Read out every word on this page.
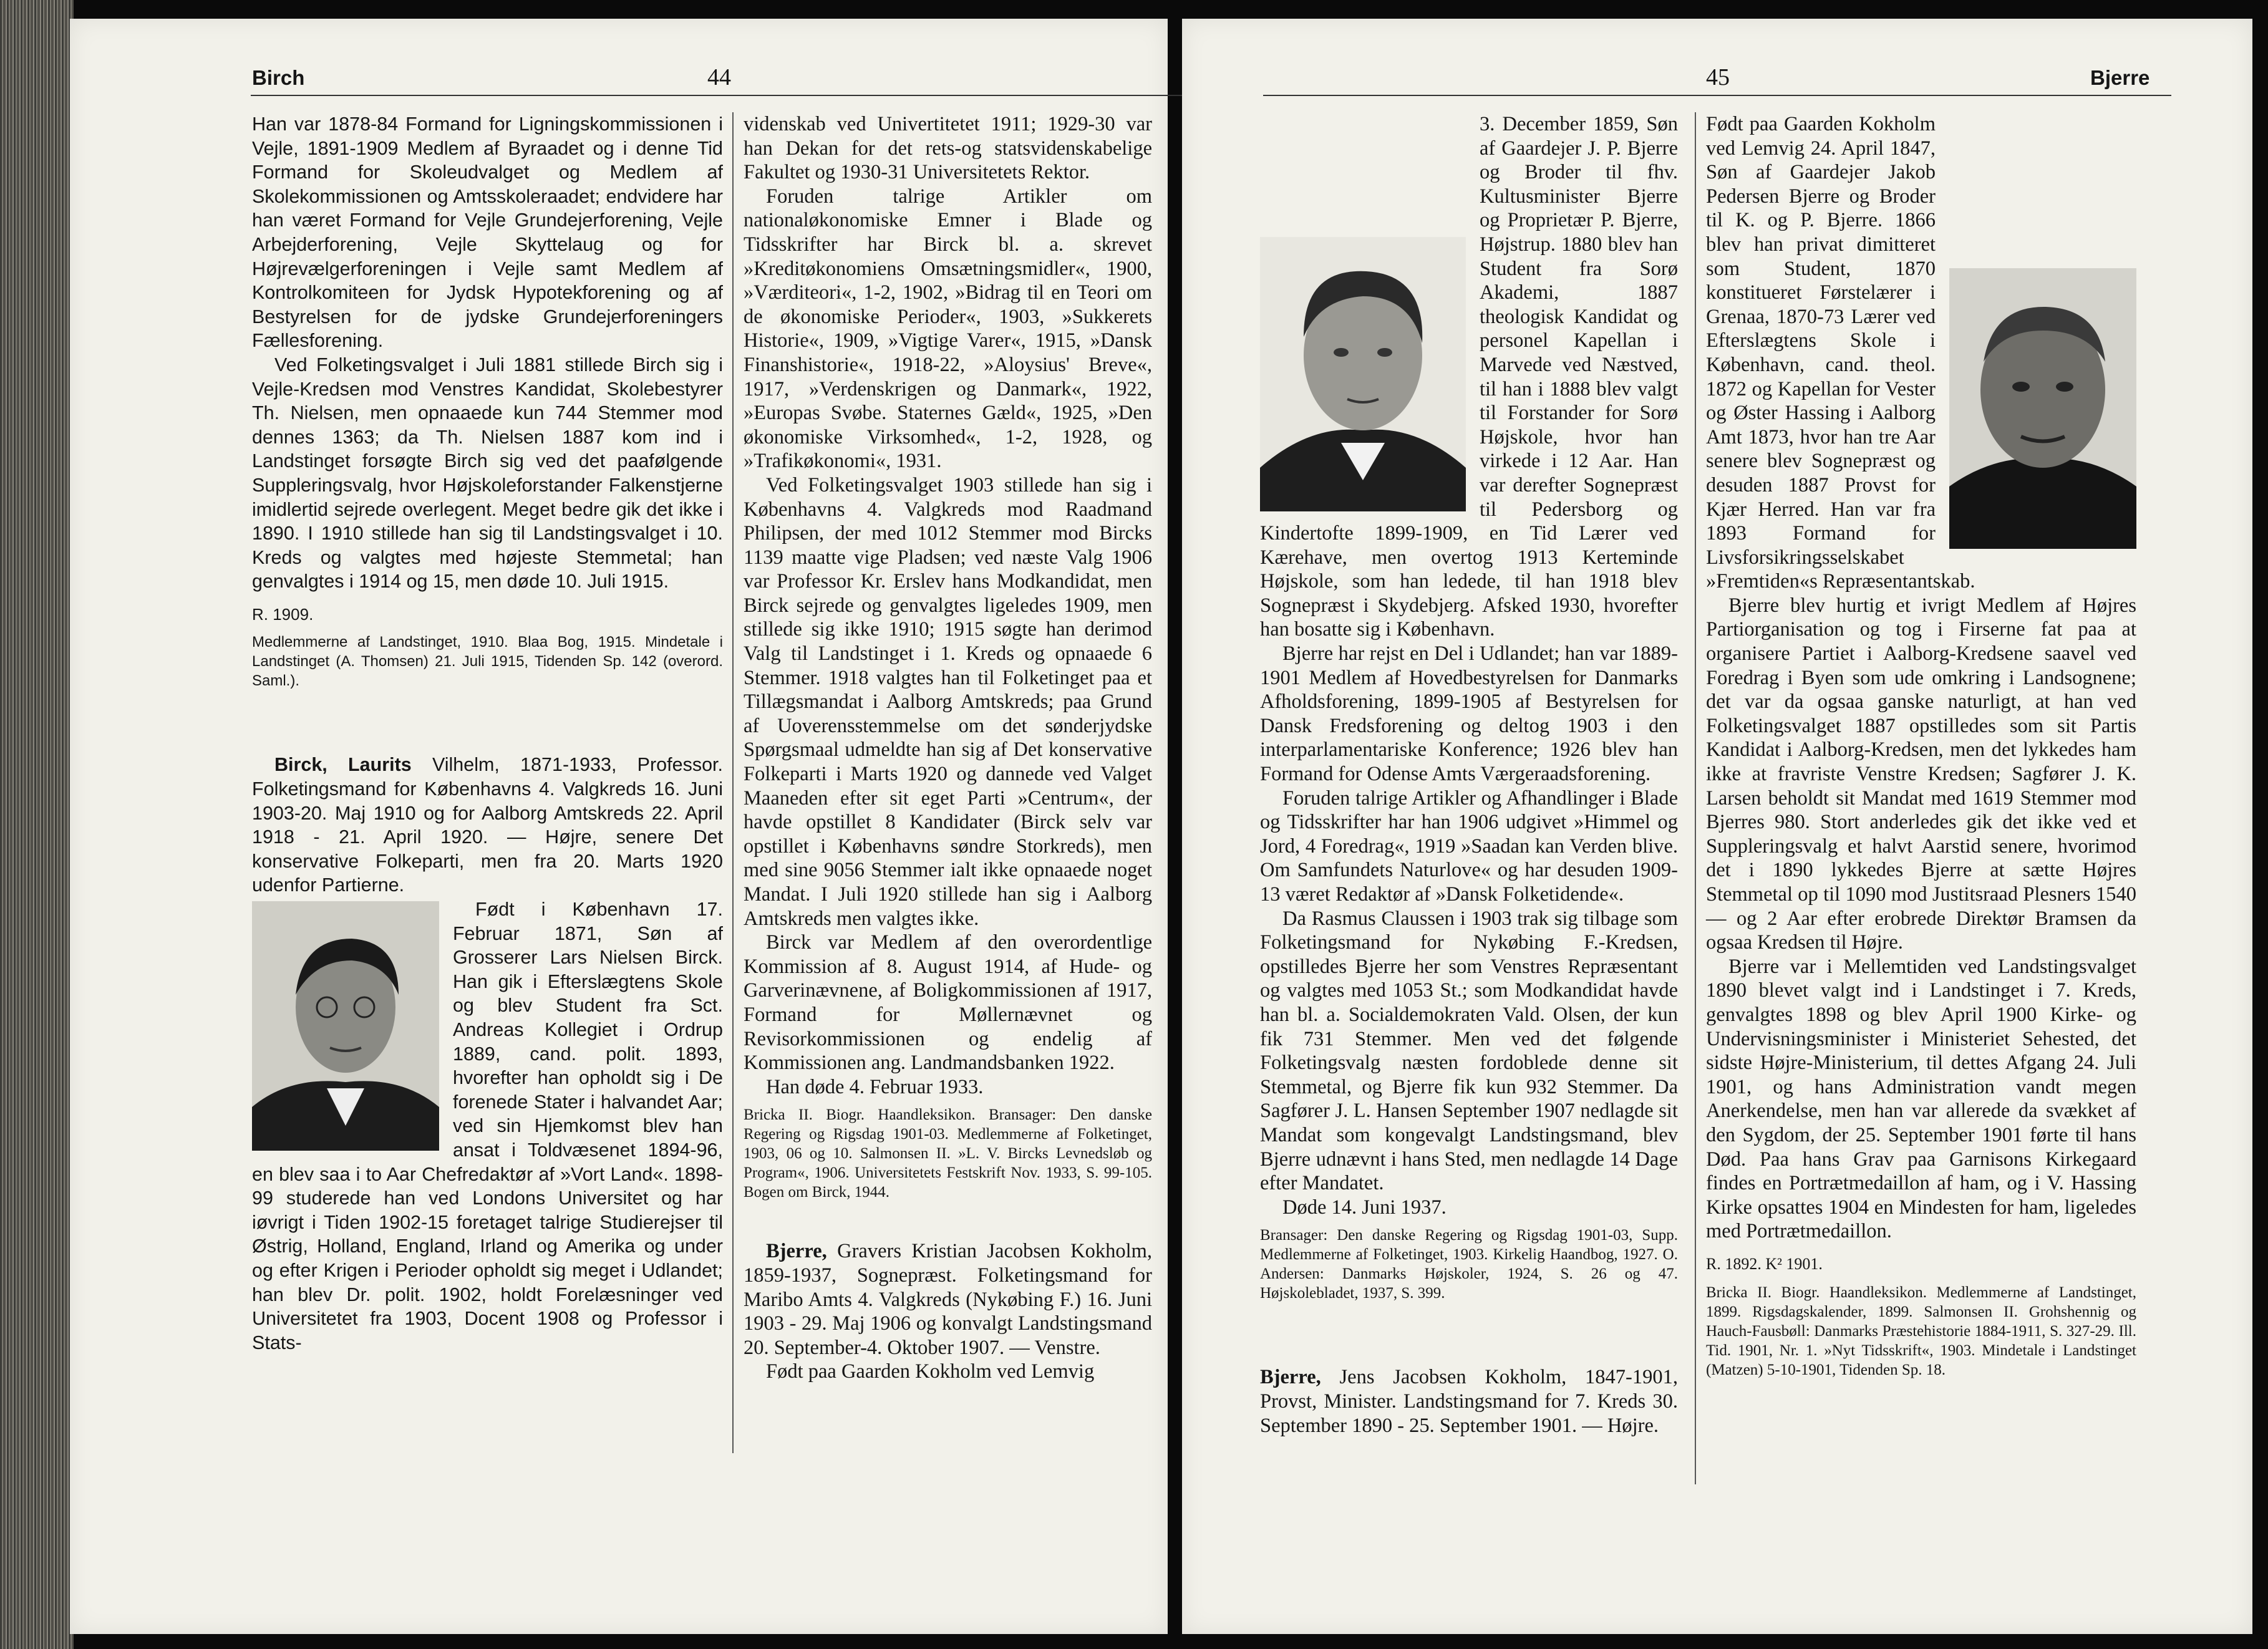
Birch	44

Han var 1878-84 Formand for Ligningskommissionen i Vejle, 1891-1909 Medlem af Byraadet og i denne Tid Formand for Skoleudvalget og Medlem af Skolekommissionen og Amtsskoleraadet; endvidere har han været Formand for Vejle Grundejerforening, Vejle Arbejderforening, Vejle Skyttelaug og for Højrevælgerforeningen i Vejle samt Medlem af Kontrolkomiteen for Jydsk Hypotekforening og af Bestyrelsen for de jydske Grundejerforeningers Fællesforening.

Ved Folketingsvalget i Juli 1881 stillede Birch sig i Vejle-Kredsen mod Venstres Kandidat, Skolebestyrer Th. Nielsen, men opnaaede kun 744 Stemmer mod dennes 1363; da Th. Nielsen 1887 kom ind i Landstinget forsøgte Birch sig ved det paafølgende Suppleringsvalg, hvor Højskoleforstander Falkenstjerne imidlertid sejrede overlegent. Meget bedre gik det ikke i 1890. I 1910 stillede han sig til Landstingsvalget i 10. Kreds og valgtes med højeste Stemmetal; han genvalgtes i 1914 og 15, men døde 10. Juli 1915.

R. 1909.

Medlemmerne af Landstinget, 1910. Blaa Bog, 1915. Mindetale i Landstinget (A. Thomsen) 21. Juli 1915, Tidenden Sp. 142 (overord. Saml.).

Birck, Laurits Vilhelm, 1871-1933, Professor. Folketingsmand for Københavns 4. Valgkreds 16. Juni 1903-20. Maj 1910 og for Aalborg Amtskreds 22. April 1918 - 21. April 1920. — Højre, senere Det konservative Folkeparti, men fra 20. Marts 1920 udenfor Partierne.

Født i København 17. Februar 1871, Søn af Grosserer Lars Nielsen Birck. Han gik i Efterslægtens Skole og blev Student fra Sct. Andreas Kollegiet i Ordrup 1889, cand. polit. 1893, hvorefter han opholdt sig i De forenede Stater i halvandet Aar; ved sin Hjemkomst blev han ansat i Toldvæsenet 1894-96, en blev saa i to Aar Chefredaktør af »Vort Land«. 1898-99 studerede han ved Londons Universitet og har iøvrigt i Tiden 1902-15 foretaget talrige Studierejser til Østrig, Holland, England, Irland og Amerika og under og efter Krigen i Perioder opholdt sig meget i Udlandet; han blev Dr. polit. 1902, holdt Forelæsninger ved Universitetet fra 1903, Docent 1908 og Professor i Stats-

videnskab ved Univertitetet 1911; 1929-30 var han Dekan for det rets-og statsvidenskabelige Fakultet og 1930-31 Universitetets Rektor.

Foruden talrige Artikler om nationaløkonomiske Emner i Blade og Tidsskrifter har Birck bl. a. skrevet »Kreditøkonomiens Omsætningsmidler«, 1900, »Værditeori«, 1-2, 1902, »Bidrag til en Teori om de økonomiske Perioder«, 1903, »Sukkerets Historie«, 1909, »Vigtige Varer«, 1915, »Dansk Finanshistorie«, 1918-22, »Aloysius' Breve«, 1917, »Verdenskrigen og Danmark«, 1922, »Europas Svøbe. Staternes Gæld«, 1925, »Den økonomiske Virksomhed«, 1-2, 1928, og »Trafikøkonomi«, 1931.

Ved Folketingsvalget 1903 stillede han sig i Københavns 4. Valgkreds mod Raadmand Philipsen, der med 1012 Stemmer mod Bircks 1139 maatte vige Pladsen; ved næste Valg 1906 var Professor Kr. Erslev hans Modkandidat, men Birck sejrede og genvalgtes ligeledes 1909, men stillede sig ikke 1910; 1915 søgte han derimod Valg til Landstinget i 1. Kreds og opnaaede 6 Stemmer. 1918 valgtes han til Folketinget paa et Tillægsmandat i Aalborg Amtskreds; paa Grund af Uoverensstemmelse om det sønderjydske Spørgsmaal udmeldte han sig af Det konservative Folkeparti i Marts 1920 og dannede ved Valget Maaneden efter sit eget Parti »Centrum«, der havde opstillet 8 Kandidater (Birck selv var opstillet i Københavns søndre Storkreds), men med sine 9056 Stemmer ialt ikke opnaaede noget Mandat. I Juli 1920 stillede han sig i Aalborg Amtskreds men valgtes ikke.

Birck var Medlem af den overordentlige Kommission af 8. August 1914, af Hude- og Garverinævnene, af Boligkommissionen af 1917, Formand for Møllernævnet og Revisorkommissionen og endelig af Kommissionen ang. Landmandsbanken 1922.

Han døde 4. Februar 1933.

Bricka II. Biogr. Haandleksikon. Bransager: Den danske Regering og Rigsdag 1901-03. Medlemmerne af Folketinget, 1903, 06 og 10. Salmonsen II. »L. V. Bircks Levnedsløb og Program«, 1906. Universitetets Festskrift Nov. 1933, S. 99-105. Bogen om Birck, 1944.

Bjerre, Gravers Kristian Jacobsen Kokholm, 1859-1937, Sognepræst. Folketingsmand for Maribo Amts 4. Valgkreds (Nykøbing F.) 16. Juni 1903 - 29. Maj 1906 og konvalgt Landstingsmand 20. September-4. Oktober 1907. — Venstre.

Født paa Gaarden Kokholm ved Lemvig

45	Bjerre

3. December 1859, Søn af Gaardejer J. P. Bjerre og Broder til fhv. Kultusminister Bjerre og Proprietær P. Bjerre, Højstrup. 1880 blev han Student fra Sorø Akademi, 1887 theologisk Kandidat og personel Kapellan i Marvede ved Næstved, til han i 1888 blev valgt til Forstander for Sorø Højskole, hvor han virkede i 12 Aar. Han var derefter Sognepræst til Pedersborg og Kindertofte 1899-1909, en Tid Lærer ved Kærehave, men overtog 1913 Kerteminde Højskole, som han ledede, til han 1918 blev Sognepræst i Skydebjerg. Afsked 1930, hvorefter han bosatte sig i København.

Bjerre har rejst en Del i Udlandet; han var 1889-1901 Medlem af Hovedbestyrelsen for Danmarks Afholdsforening, 1899-1905 af Bestyrelsen for Dansk Fredsforening og deltog 1903 i den interparlamentariske Konference; 1926 blev han Formand for Odense Amts Værgeraadsforening.

Foruden talrige Artikler og Afhandlinger i Blade og Tidsskrifter har han 1906 udgivet »Himmel og Jord, 4 Foredrag«, 1919 »Saadan kan Verden blive. Om Samfundets Naturlove« og har desuden 1909-13 været Redaktør af »Dansk Folketidende«.

Da Rasmus Claussen i 1903 trak sig tilbage som Folketingsmand for Nykøbing F.-Kredsen, opstilledes Bjerre her som Venstres Repræsentant og valgtes med 1053 St.; som Modkandidat havde han bl. a. Socialdemokraten Vald. Olsen, der kun fik 731 Stemmer. Men ved det følgende Folketingsvalg næsten fordoblede denne sit Stemmetal, og Bjerre fik kun 932 Stemmer. Da Sagfører J. L. Hansen September 1907 nedlagde sit Mandat som kongevalgt Landstingsmand, blev Bjerre udnævnt i hans Sted, men nedlagde 14 Dage efter Mandatet.

Døde 14. Juni 1937.

Bransager: Den danske Regering og Rigsdag 1901-03, Supp. Medlemmerne af Folketinget, 1903. Kirkelig Haandbog, 1927. O. Andersen: Danmarks Højskoler, 1924, S. 26 og 47. Højskolebladet, 1937, S. 399.

Bjerre, Jens Jacobsen Kokholm, 1847-1901, Provst, Minister. Landstingsmand for 7. Kreds 30. September 1890 - 25. September 1901. — Højre.

Født paa Gaarden Kokholm ved Lemvig 24. April 1847, Søn af Gaardejer Jakob Pedersen Bjerre og Broder til K. og P. Bjerre. 1866 blev han privat dimitteret som Student, 1870 konstitueret Førstelærer i Grenaa, 1870-73 Lærer ved Efterslægtens Skole i København, cand. theol. 1872 og Kapellan for Vester og Øster Hassing i Aalborg Amt 1873, hvor han tre Aar senere blev Sognepræst og desuden 1887 Provst for Kjær Herred. Han var fra 1893 Formand for Livsforsikringsselskabet »Fremtiden«s Repræsentantskab.

Bjerre blev hurtig et ivrigt Medlem af Højres Partiorganisation og tog i Firserne fat paa at organisere Partiet i Aalborg-Kredsene saavel ved Foredrag i Byen som ude omkring i Landsognene; det var da ogsaa ganske naturligt, at han ved Folketingsvalget 1887 opstilledes som sit Partis Kandidat i Aalborg-Kredsen, men det lykkedes ham ikke at fravriste Venstre Kredsen; Sagfører J. K. Larsen beholdt sit Mandat med 1619 Stemmer mod Bjerres 980. Stort anderledes gik det ikke ved et Suppleringsvalg et halvt Aarstid senere, hvorimod det i 1890 lykkedes Bjerre at sætte Højres Stemmetal op til 1090 mod Justitsraad Plesners 1540 — og 2 Aar efter erobrede Direktør Bramsen da ogsaa Kredsen til Højre.

Bjerre var i Mellemtiden ved Landstingsvalget 1890 blevet valgt ind i Landstinget i 7. Kreds, genvalgtes 1898 og blev April 1900 Kirke- og Undervisningsminister i Ministeriet Sehested, det sidste Højre-Ministerium, til dettes Afgang 24. Juli 1901, og hans Administration vandt megen Anerkendelse, men han var allerede da svækket af den Sygdom, der 25. September 1901 førte til hans Død. Paa hans Grav paa Garnisons Kirkegaard findes en Portrætmedaillon af ham, og i V. Hassing Kirke opsattes 1904 en Mindesten for ham, ligeledes med Portrætmedaillon.

R. 1892. K² 1901.

Bricka II. Biogr. Haandleksikon. Medlemmerne af Landstinget, 1899. Rigsdagskalender, 1899. Salmonsen II. Grohshennig og Hauch-Fausbøll: Danmarks Præstehistorie 1884-1911, S. 327-29. Ill. Tid. 1901, Nr. 1. »Nyt Tidsskrift«, 1903. Mindetale i Landstinget (Matzen) 5-10-1901, Tidenden Sp. 18.
